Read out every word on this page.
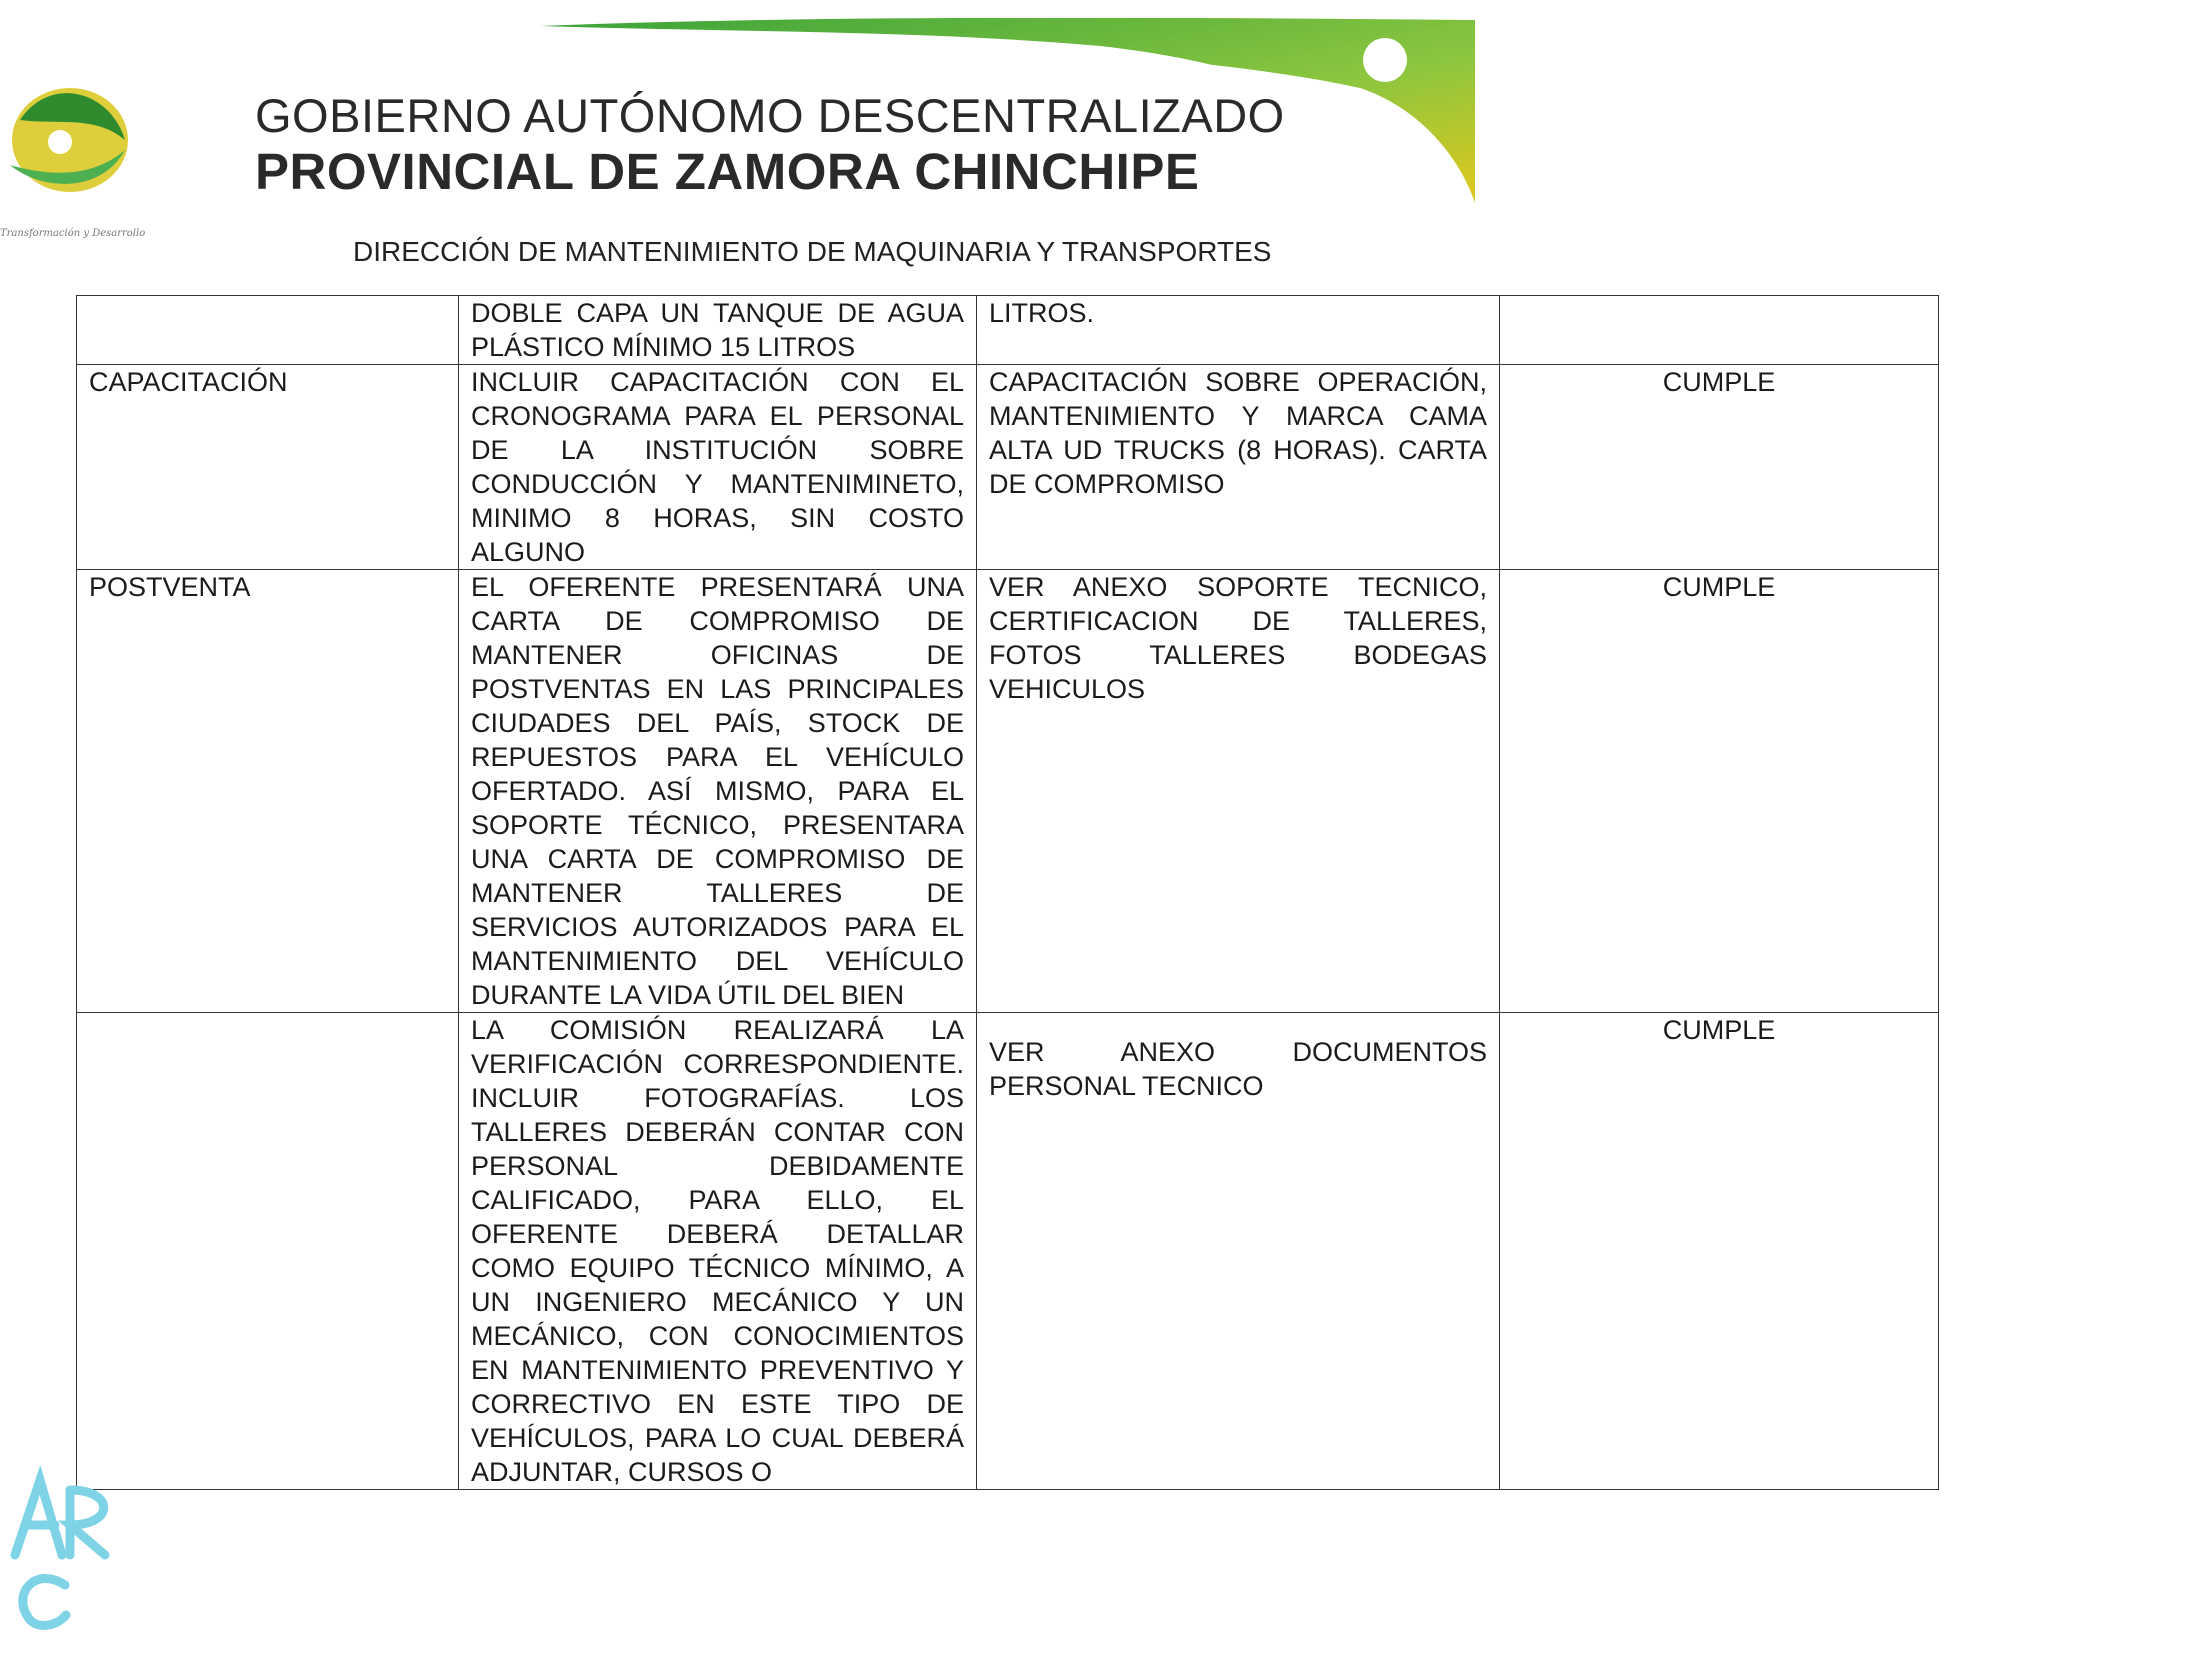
Transformación y Desarrollo
GOBIERNO AUTÓNOMO DESCENTRALIZADO
PROVINCIAL DE ZAMORA CHINCHIPE
DIRECCIÓN DE MANTENIMIENTO DE MAQUINARIA Y TRANSPORTES

	DOBLE CAPA UN TANQUE DE AGUA PLÁSTICO MÍNIMO 15 LITROS	LITROS.	

CAPACITACIÓN	INCLUIR CAPACITACIÓN CON EL CRONOGRAMA PARA EL PERSONAL DE LA INSTITUCIÓN SOBRE CONDUCCIÓN Y MANTENIMINETO, MINIMO 8 HORAS, SIN COSTO ALGUNO	CAPACITACIÓN SOBRE OPERACIÓN, MANTENIMIENTO Y MARCA CAMA ALTA UD TRUCKS (8 HORAS). CARTA DE COMPROMISO	CUMPLE

POSTVENTA	EL OFERENTE PRESENTARÁ UNA CARTA DE COMPROMISO DE MANTENER OFICINAS DE POSTVENTAS EN LAS PRINCIPALES CIUDADES DEL PAÍS, STOCK DE REPUESTOS PARA EL VEHÍCULO OFERTADO. ASÍ MISMO, PARA EL SOPORTE TÉCNICO, PRESENTARA UNA CARTA DE COMPROMISO DE MANTENER TALLERES DE SERVICIOS AUTORIZADOS PARA EL MANTENIMIENTO DEL VEHÍCULO DURANTE LA VIDA ÚTIL DEL BIEN	VER ANEXO SOPORTE TECNICO, CERTIFICACION DE TALLERES, FOTOS TALLERES BODEGAS VEHICULOS	CUMPLE

	LA COMISIÓN REALIZARÁ LA VERIFICACIÓN CORRESPONDIENTE. INCLUIR FOTOGRAFÍAS. LOS TALLERES DEBERÁN CONTAR CON PERSONAL DEBIDAMENTE CALIFICADO, PARA ELLO, EL OFERENTE DEBERÁ DETALLAR COMO EQUIPO TÉCNICO MÍNIMO, A UN INGENIERO MECÁNICO Y UN MECÁNICO, CON CONOCIMIENTOS EN MANTENIMIENTO PREVENTIVO Y CORRECTIVO EN ESTE TIPO DE VEHÍCULOS, PARA LO CUAL DEBERÁ ADJUNTAR, CURSOS O	VER ANEXO DOCUMENTOS PERSONAL TECNICO	CUMPLE
